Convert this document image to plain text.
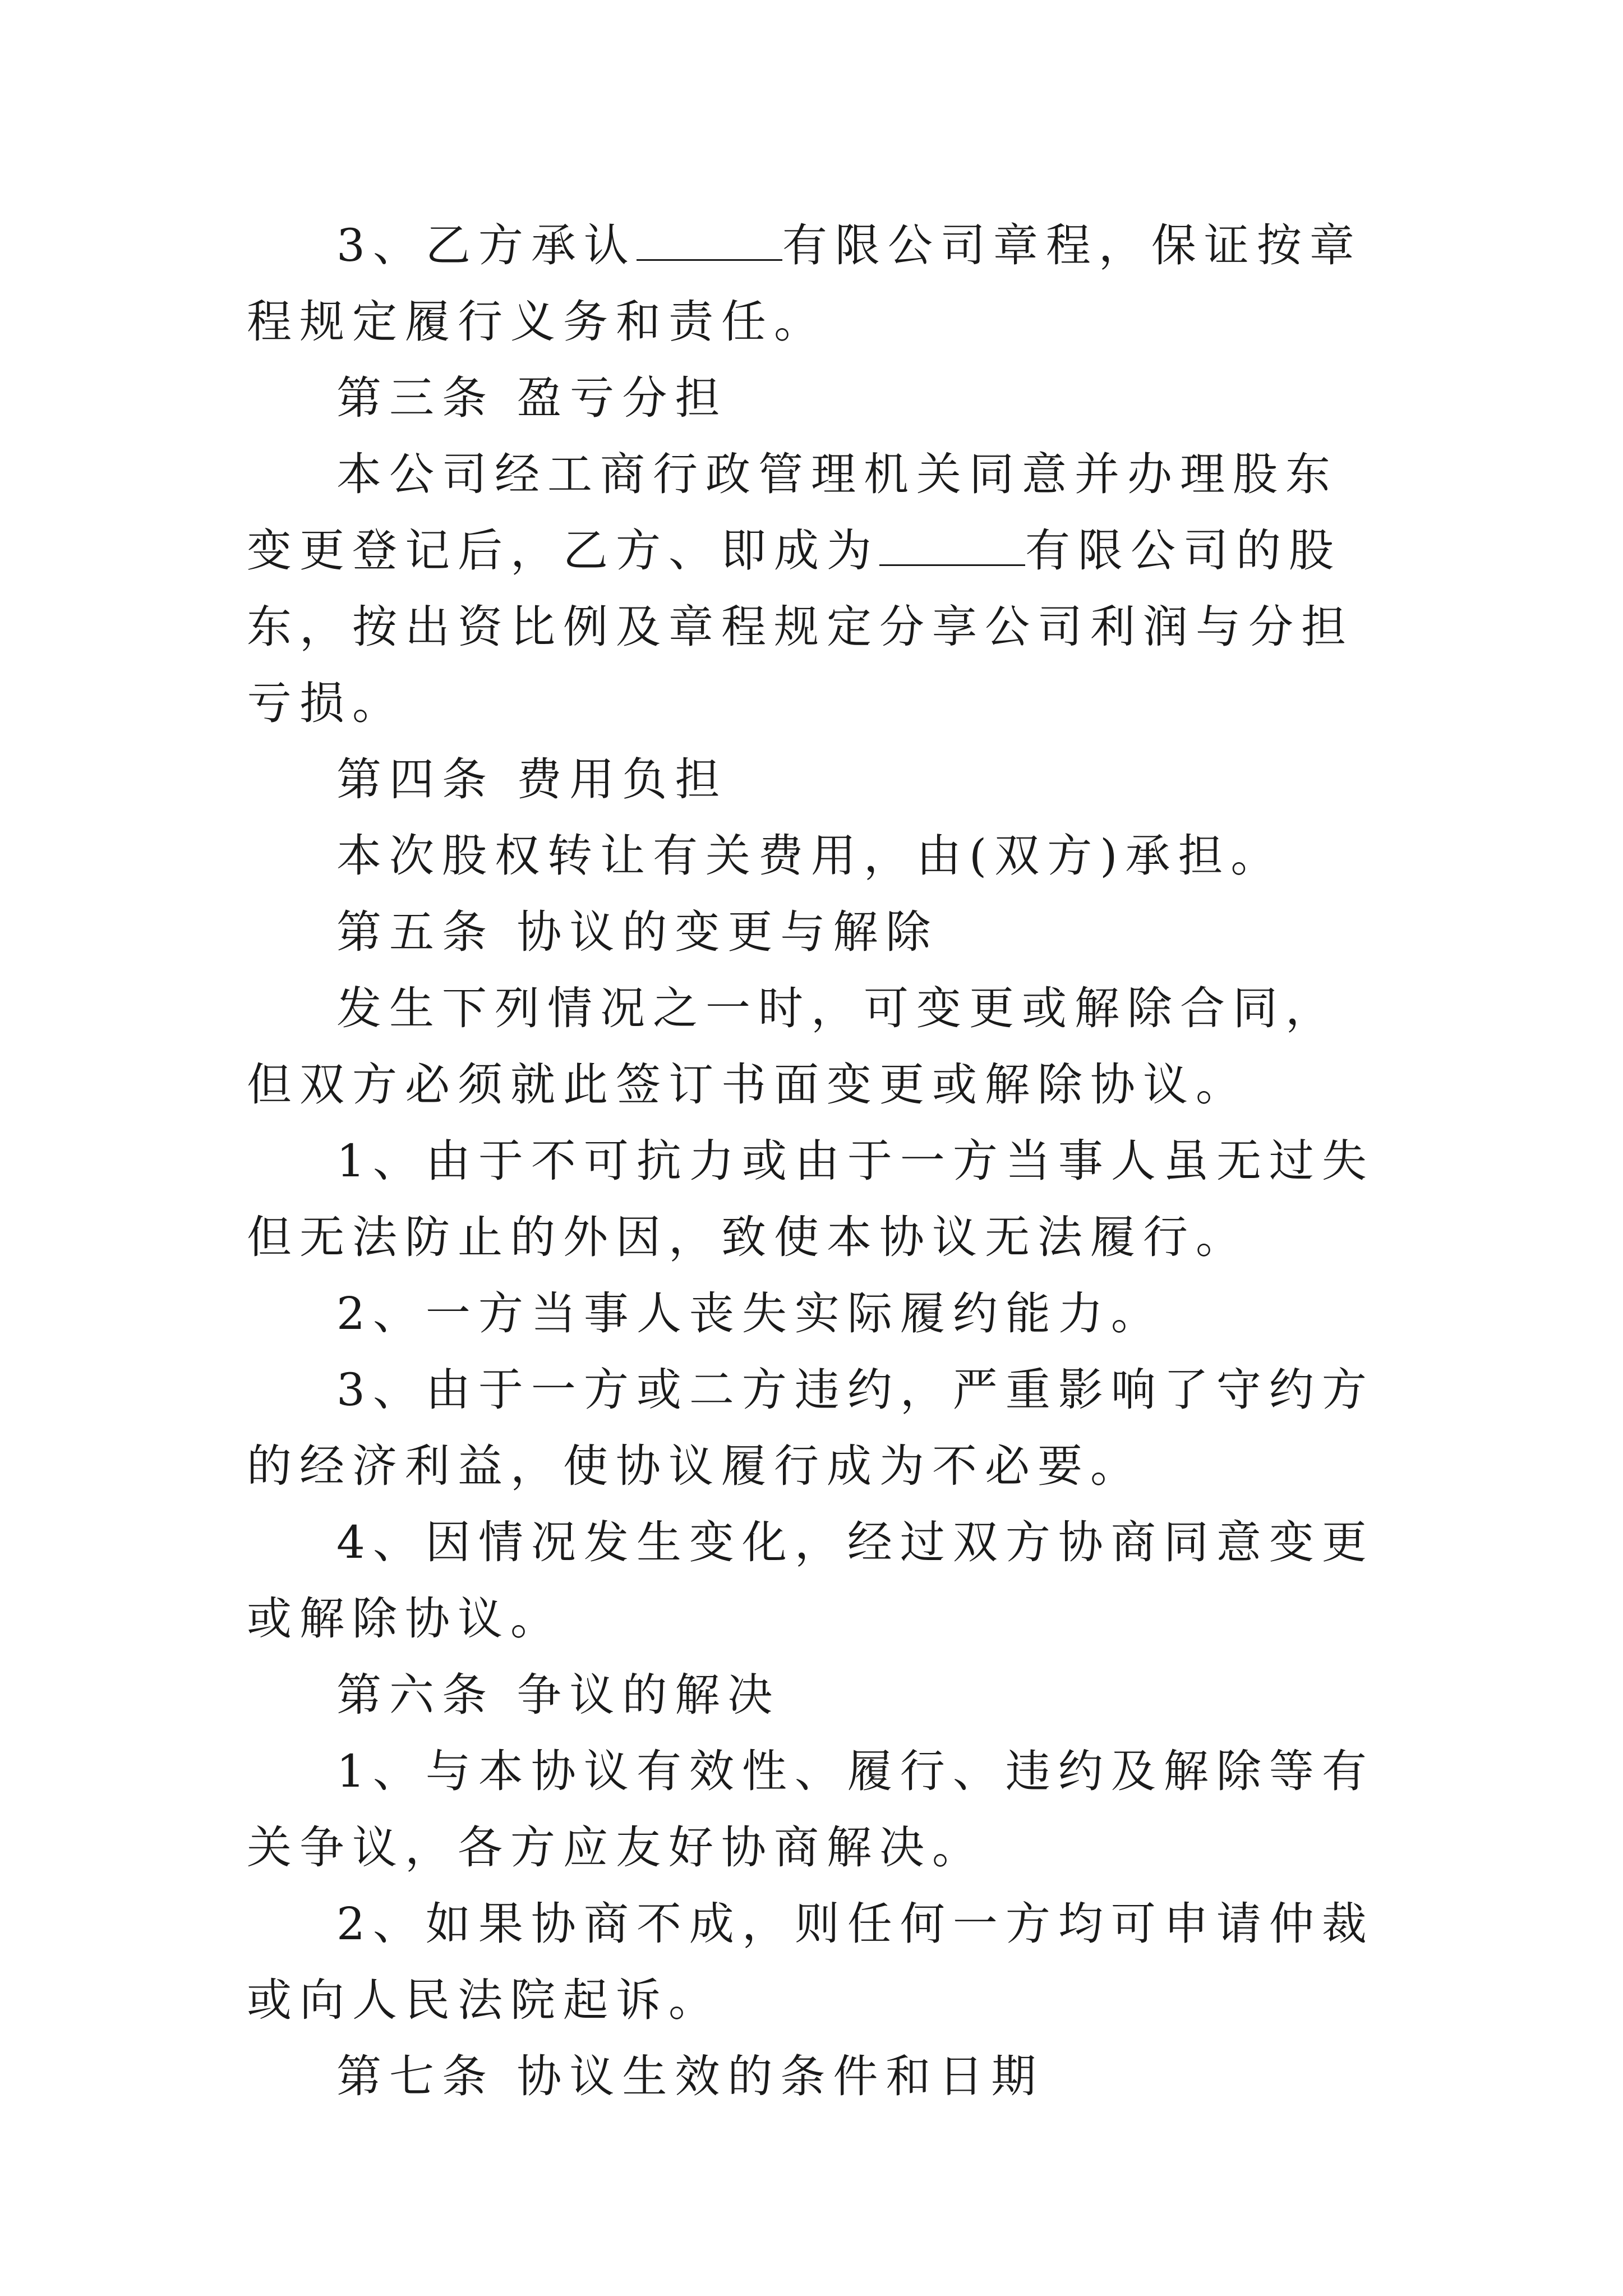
3、乙方承认	有限公司章程，保证按章程规定履行义务和责任。

第三条 盈亏分担

本公司经工商行政管理机关同意并办理股东变更登记后，乙方、即成为	有限公司的股东，按出资比例及章程规定分享公司利润与分担亏损。

第四条 费用负担

本次股权转让有关费用，由(双方)承担。

第五条 协议的变更与解除

发生下列情况之一时，可变更或解除合同，但双方必须就此签订书面变更或解除协议。

1、由于不可抗力或由于一方当事人虽无过失但无法防止的外因，致使本协议无法履行。

2、一方当事人丧失实际履约能力。

3、由于一方或二方违约，严重影响了守约方的经济利益，使协议履行成为不必要。

4、因情况发生变化，经过双方协商同意变更或解除协议。

第六条 争议的解决

1、与本协议有效性、履行、违约及解除等有关争议，各方应友好协商解决。

2、如果协商不成，则任何一方均可申请仲裁或向人民法院起诉。

第七条 协议生效的条件和日期
